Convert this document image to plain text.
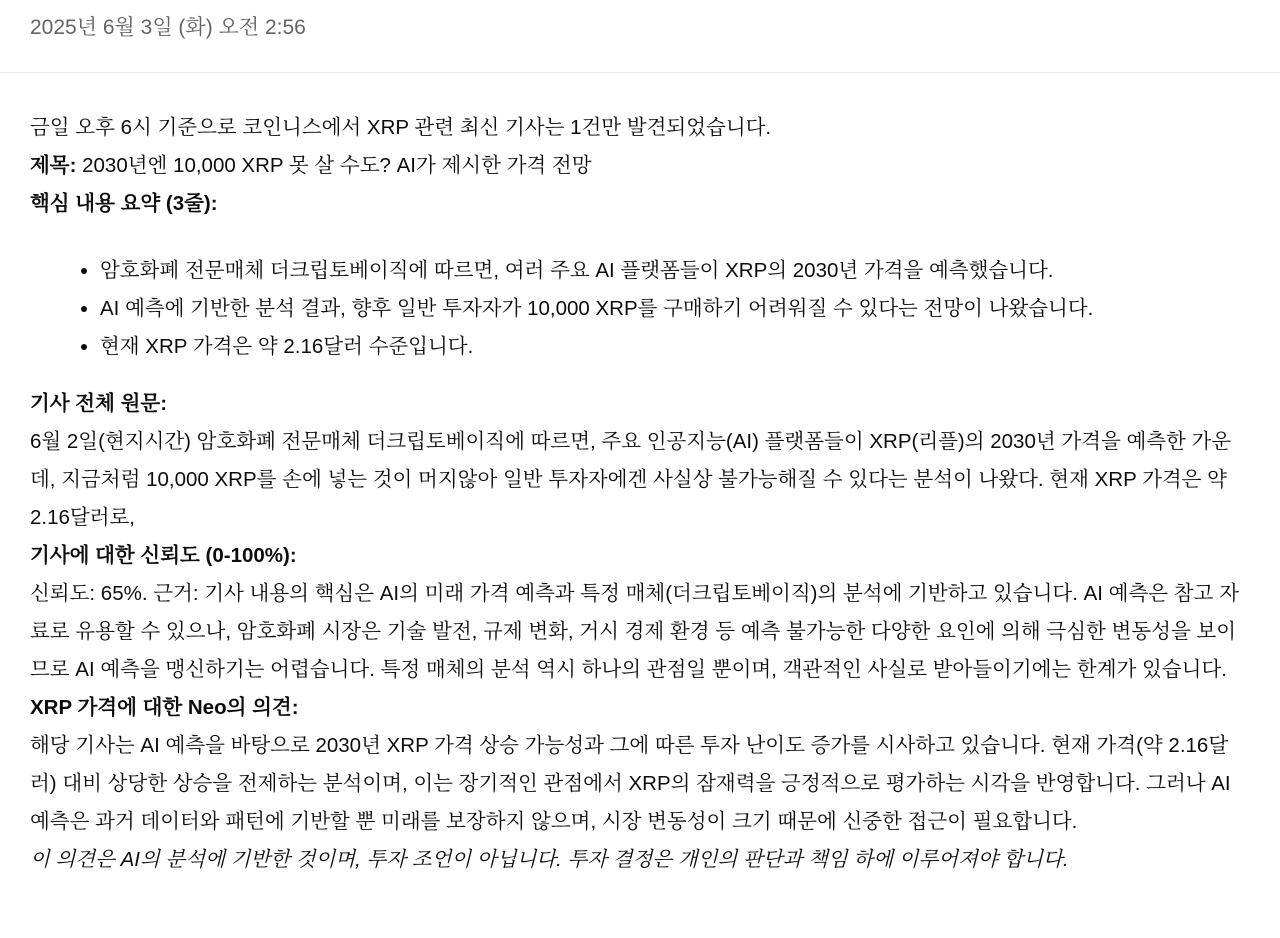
2025년 6월 3일 (화) 오전 2:56

금일 오후 6시 기준으로 코인니스에서 XRP 관련 최신 기사는 1건만 발견되었습니다.

제목: 2030년엔 10,000 XRP 못 살 수도? AI가 제시한 가격 전망

핵심 내용 요약 (3줄):

• 암호화폐 전문매체 더크립토베이직에 따르면, 여러 주요 AI 플랫폼들이 XRP의 2030년 가격을 예측했습니다.
• AI 예측에 기반한 분석 결과, 향후 일반 투자자가 10,000 XRP를 구매하기 어려워질 수 있다는 전망이 나왔습니다.
• 현재 XRP 가격은 약 2.16달러 수준입니다.

기사 전체 원문:

6월 2일(현지시간) 암호화폐 전문매체 더크립토베이직에 따르면, 주요 인공지능(AI) 플랫폼들이 XRP(리플)의 2030년 가격을 예측한 가운데, 지금처럼 10,000 XRP를 손에 넣는 것이 머지않아 일반 투자자에겐 사실상 불가능해질 수 있다는 분석이 나왔다. 현재 XRP 가격은 약 2.16달러로,

기사에 대한 신뢰도 (0-100%):

신뢰도: 65%. 근거: 기사 내용의 핵심은 AI의 미래 가격 예측과 특정 매체(더크립토베이직)의 분석에 기반하고 있습니다. AI 예측은 참고 자료로 유용할 수 있으나, 암호화폐 시장은 기술 발전, 규제 변화, 거시 경제 환경 등 예측 불가능한 다양한 요인에 의해 극심한 변동성을 보이므로 AI 예측을 맹신하기는 어렵습니다. 특정 매체의 분석 역시 하나의 관점일 뿐이며, 객관적인 사실로 받아들이기에는 한계가 있습니다.

XRP 가격에 대한 Neo의 의견:

해당 기사는 AI 예측을 바탕으로 2030년 XRP 가격 상승 가능성과 그에 따른 투자 난이도 증가를 시사하고 있습니다. 현재 가격(약 2.16달러) 대비 상당한 상승을 전제하는 분석이며, 이는 장기적인 관점에서 XRP의 잠재력을 긍정적으로 평가하는 시각을 반영합니다. 그러나 AI 예측은 과거 데이터와 패턴에 기반할 뿐 미래를 보장하지 않으며, 시장 변동성이 크기 때문에 신중한 접근이 필요합니다.

이 의견은 AI의 분석에 기반한 것이며, 투자 조언이 아닙니다. 투자 결정은 개인의 판단과 책임 하에 이루어져야 합니다.
